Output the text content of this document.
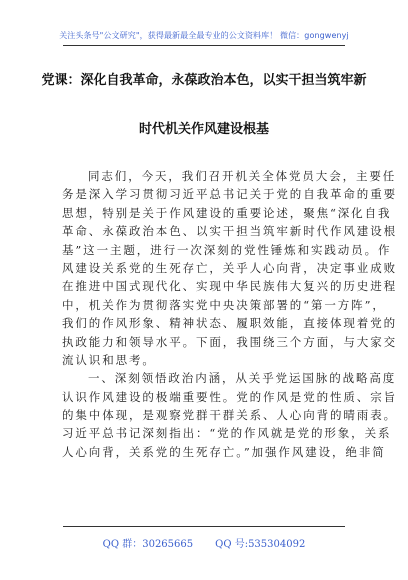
关注头条号"公文研究"，获得最新最全最专业的公文资料库！ 微信：gongwenyj
党课：深化自我革命，永葆政治本色，以实干担当筑牢新
时代机关作风建设根基
同志们，今天，我们召开机关全体党员大会，主要任
务是深入学习贯彻习近平总书记关于党的自我革命的重要
思想，特别是关于作风建设的重要论述，聚焦“深化自我
革命、永葆政治本色、以实干担当筑牢新时代作风建设根
基”这一主题，进行一次深刻的党性锤炼和实践动员。作
风建设关系党的生死存亡，关乎人心向背，决定事业成败
在推进中国式现代化、实现中华民族伟大复兴的历史进程
中，机关作为贯彻落实党中央决策部署的“第一方阵”，
我们的作风形象、精神状态、履职效能，直接体现着党的
执政能力和领导水平。下面，我围绕三个方面，与大家交
流认识和思考。
一、深刻领悟政治内涵，从关乎党运国脉的战略高度
认识作风建设的极端重要性。党的作风是党的性质、宗旨
的集中体现，是观察党群干群关系、人心向背的晴雨表。
习近平总书记深刻指出：“党的作风就是党的形象，关系
人心向背，关系党的生死存亡。”加强作风建设，绝非简
QQ 群：30265665 QQ 号:535304092
